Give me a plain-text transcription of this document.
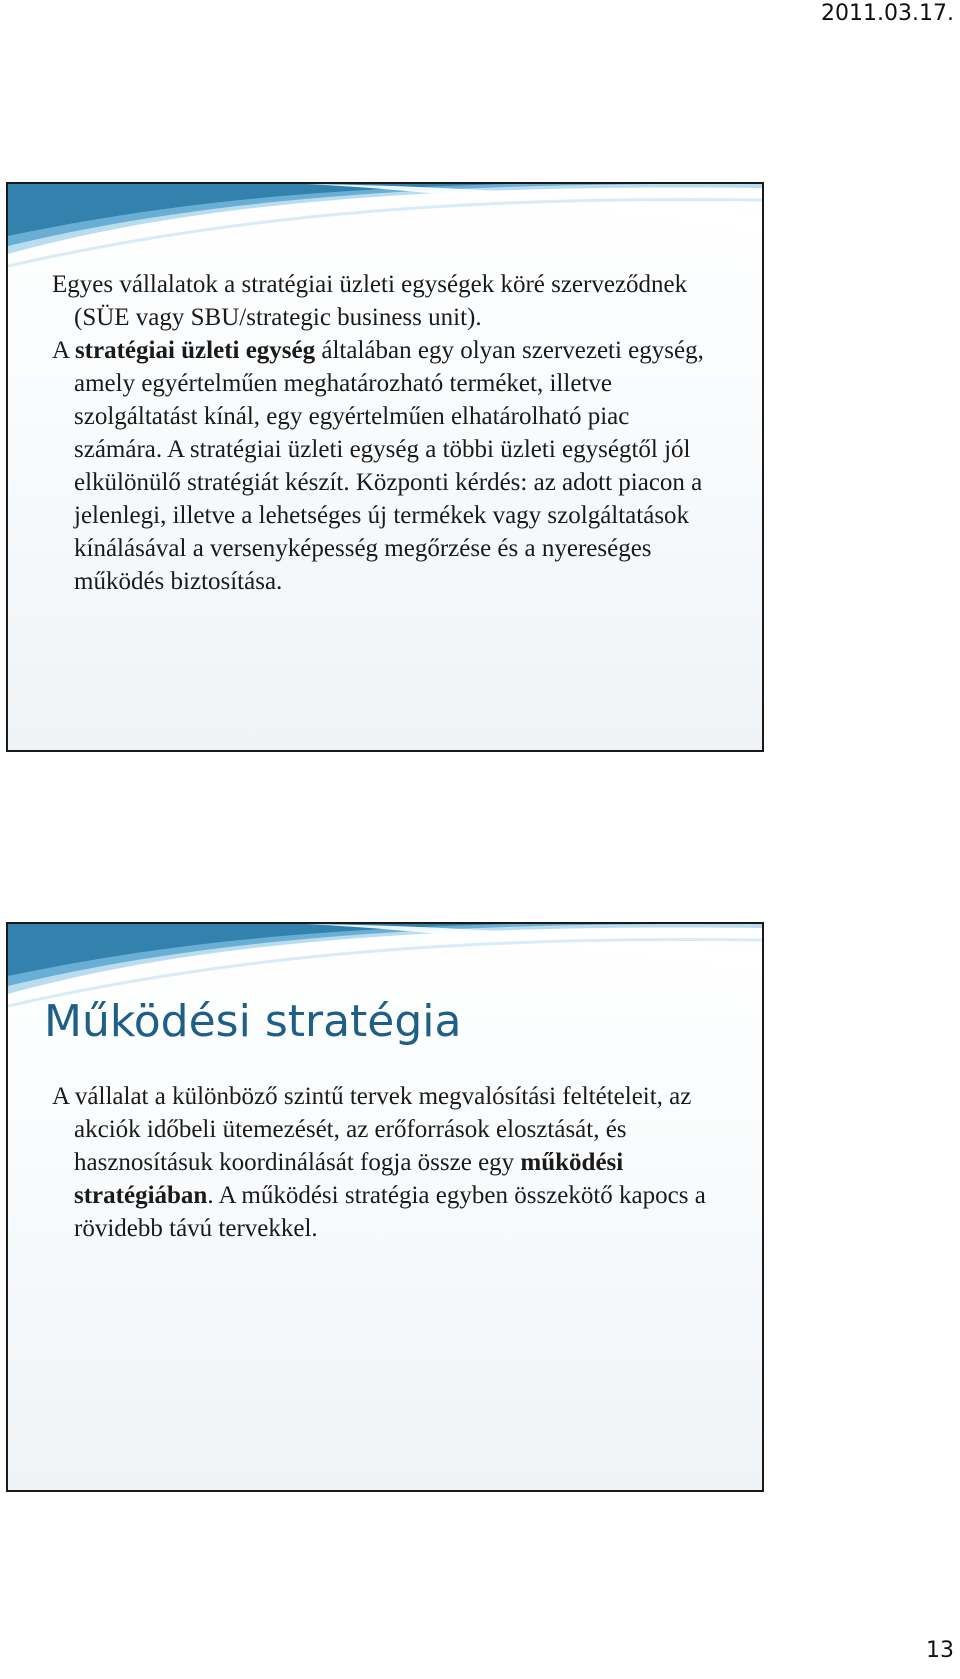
2011.03.17.

Egyes vállalatok a stratégiai üzleti egységek köré szerveződnek (SÜE vagy SBU/strategic business unit).

A stratégiai üzleti egység általában egy olyan szervezeti egység, amely egyértelműen meghatározható terméket, illetve szolgáltatást kínál, egy egyértelműen elhatárolható piac számára. A stratégiai üzleti egység a többi üzleti egységtől jól elkülönülő stratégiát készít. Központi kérdés: az adott piacon a jelenlegi, illetve a lehetséges új termékek vagy szolgáltatások kínálásával a versenyképesség megőrzése és a nyereséges működés biztosítása.

Működési stratégia

A vállalat a különböző szintű tervek megvalósítási feltételeit, az akciók időbeli ütemezését, az erőforrások elosztását, és hasznosításuk koordinálását fogja össze egy működési stratégiában. A működési stratégia egyben összekötő kapocs a rövidebb távú tervekkel.

13
